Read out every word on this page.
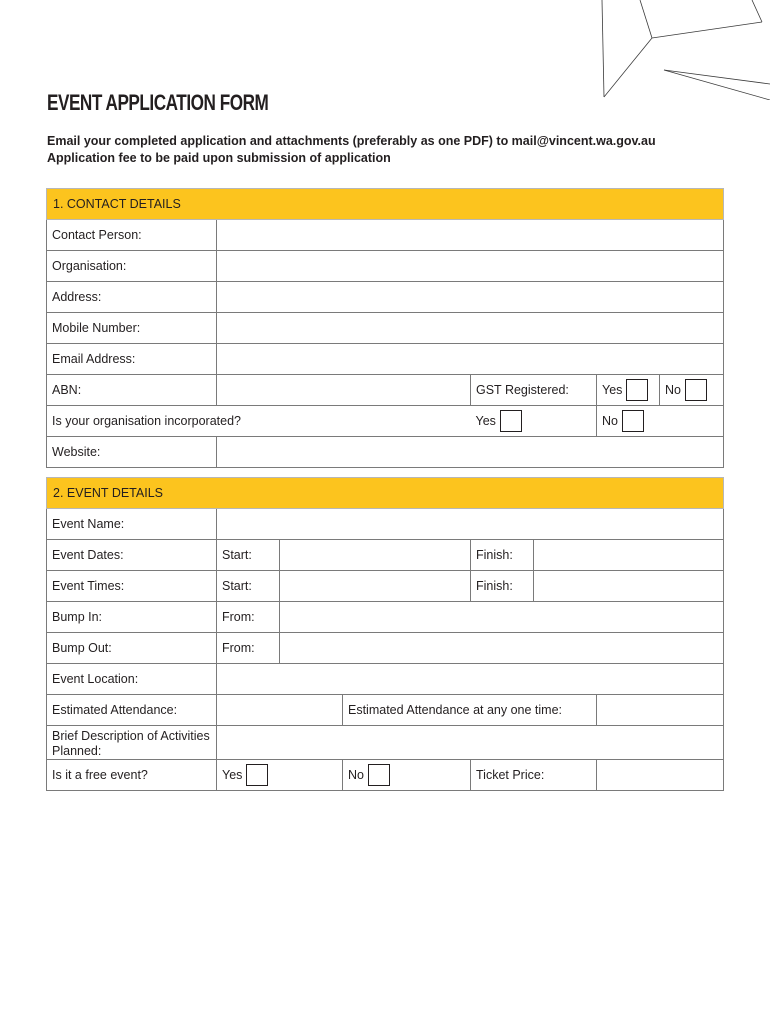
EVENT APPLICATION FORM
Email your completed application and attachments (preferably as one PDF) to mail@vincent.wa.gov.au
Application fee to be paid upon submission of application
1. CONTACT DETAILS				
Contact Person:				
Organisation:				
Address:				
Mobile Number:				
Email Address:				
ABN:		GST Registered:	Yes	No

Is your organisation incorporated?		Yes	No	

Website:				
2. EVENT DETAILS						
Event Name:						
Event Dates:	Start:			Finish:		
Event Times:	Start:			Finish:		
Bump In:	From:					
Bump Out:	From:					
Event Location:						
Estimated Attendance:			Estimated Attendance at any one time:			
Brief Description of Activities Planned:						
Is it a free event?	Yes		No	Ticket Price:		
